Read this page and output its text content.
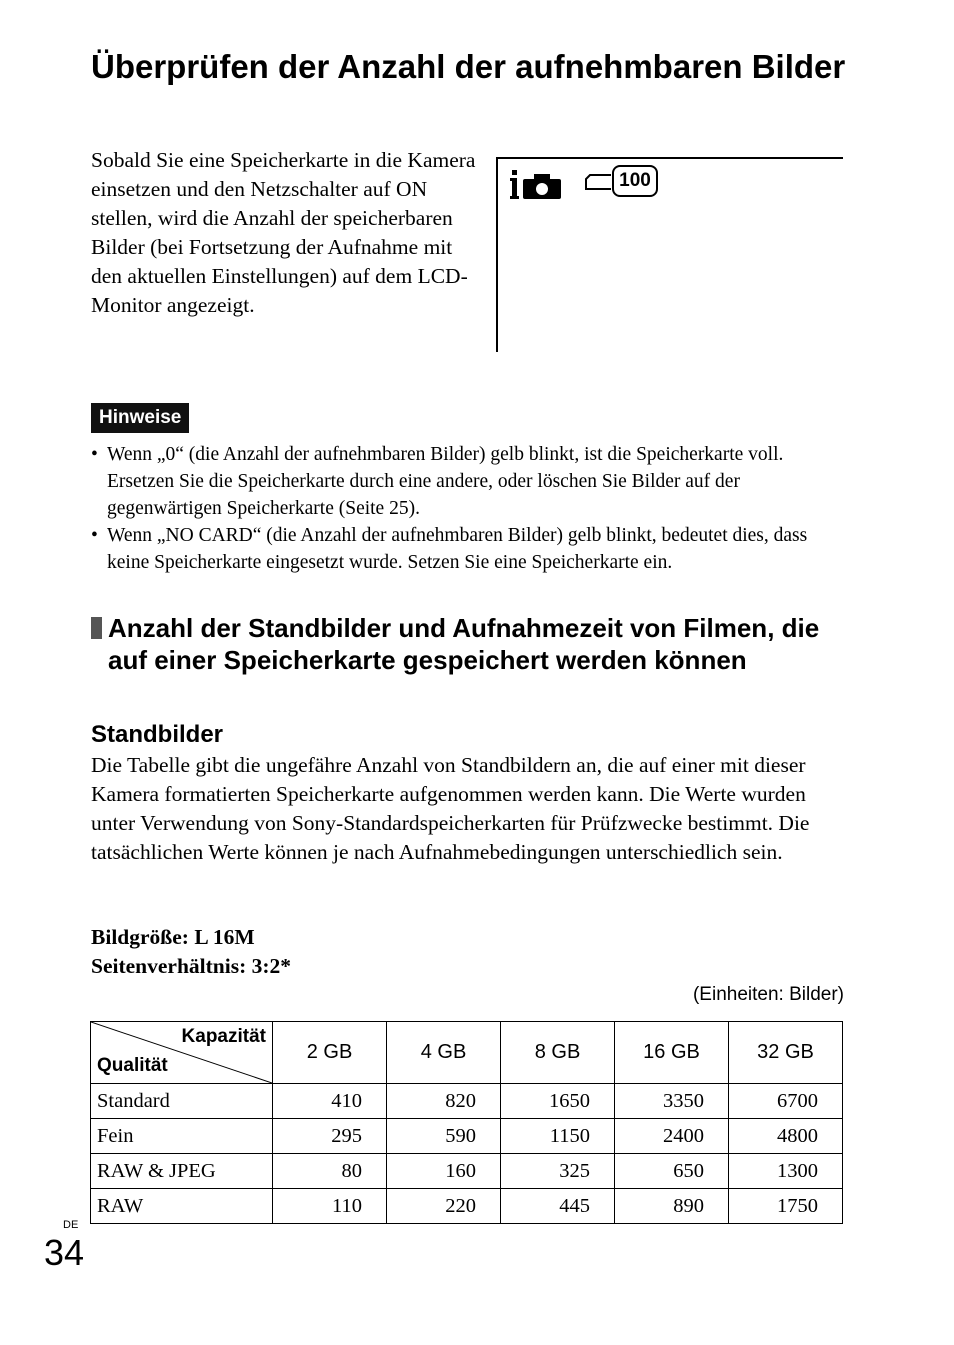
Überprüfen der Anzahl der aufnehmbaren Bilder

Sobald Sie eine Speicherkarte in die Kamera einsetzen und den Netzschalter auf ON stellen, wird die Anzahl der speicherbaren Bilder (bei Fortsetzung der Aufnahme mit den aktuellen Einstellungen) auf dem LCD-Monitor angezeigt.

100
Hinweise
• Wenn „0“ (die Anzahl der aufnehmbaren Bilder) gelb blinkt, ist die Speicherkarte voll. Ersetzen Sie die Speicherkarte durch eine andere, oder löschen Sie Bilder auf der gegenwärtigen Speicherkarte (Seite 25).
• Wenn „NO CARD“ (die Anzahl der aufnehmbaren Bilder) gelb blinkt, bedeutet dies, dass keine Speicherkarte eingesetzt wurde. Setzen Sie eine Speicherkarte ein.
Anzahl der Standbilder und Aufnahmezeit von Filmen, die auf einer Speicherkarte gespeichert werden können
Standbilder

Die Tabelle gibt die ungefähre Anzahl von Standbildern an, die auf einer mit dieser Kamera formatierten Speicherkarte aufgenommen werden kann. Die Werte wurden unter Verwendung von Sony-Standardspeicherkarten für Prüfzwecke bestimmt. Die tatsächlichen Werte können je nach Aufnahmebedingungen unterschiedlich sein.

Bildgröße: L 16M
Seitenverhältnis: 3:2*
(Einheiten: Bilder)
Kapazität
Qualität	2 GB	4 GB	8 GB	16 GB	32 GB
Standard	410	820	1650	3350	6700
Fein	295	590	1150	2400	4800
RAW & JPEG	80	160	325	650	1300
RAW	110	220	445	890	1750
DE
34
